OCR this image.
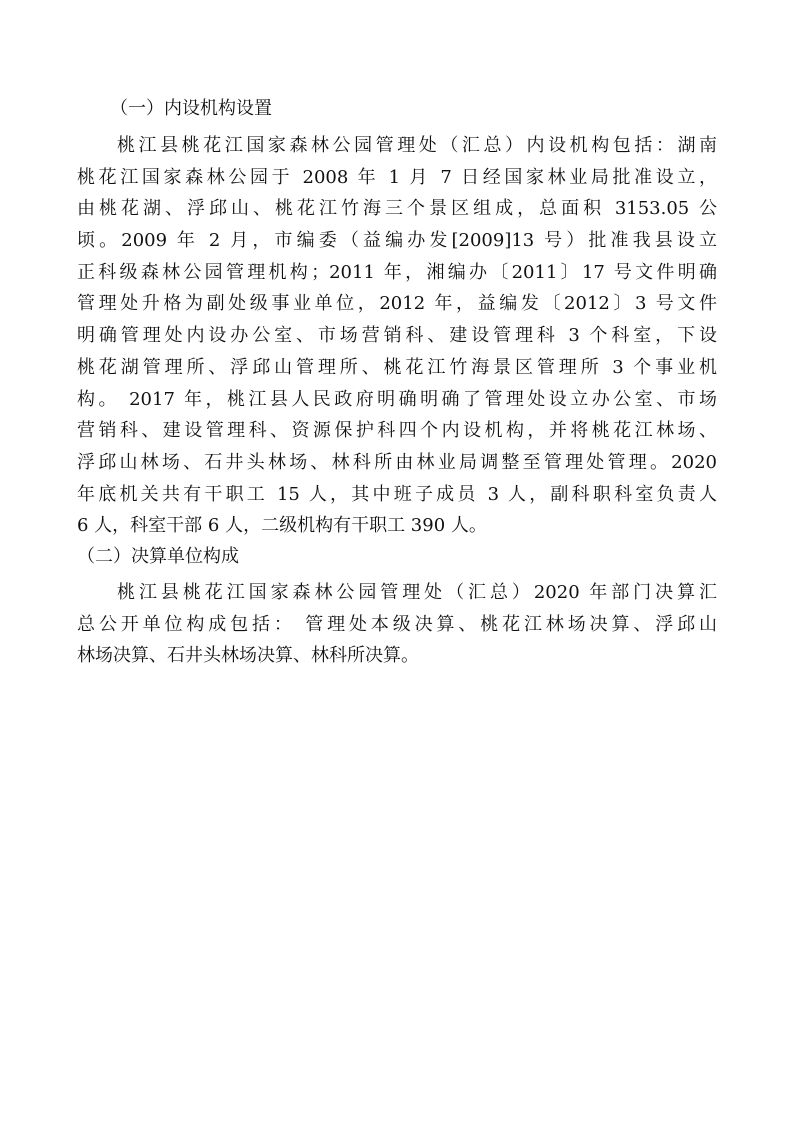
（一）内设机构设置
桃江县桃花江国家森林公园管理处（汇总）内设机构包括：湖南
桃花江国家森林公园于 2008 年 1 月 7 日经国家林业局批准设立，
由桃花湖、浮邱山、桃花江竹海三个景区组成，总面积 3153.05 公
顷。2009 年 2 月，市编委（益编办发[2009]13 号）批准我县设立
正科级森林公园管理机构；2011 年，湘编办〔2011〕17 号文件明确
管理处升格为副处级事业单位，2012 年，益编发〔2012〕3 号文件
明确管理处内设办公室、市场营销科、建设管理科 3 个科室，下设
桃花湖管理所、浮邱山管理所、桃花江竹海景区管理所 3 个事业机
构。 2017 年，桃江县人民政府明确明确了管理处设立办公室、市场
营销科、建设管理科、资源保护科四个内设机构，并将桃花江林场、
浮邱山林场、石井头林场、林科所由林业局调整至管理处管理。2020
年底机关共有干职工 15 人，其中班子成员 3 人，副科职科室负责人
6 人，科室干部 6 人，二级机构有干职工 390 人。
（二）决算单位构成
桃江县桃花江国家森林公园管理处（汇总）2020 年部门决算汇
总公开单位构成包括： 管理处本级决算、桃花江林场决算、浮邱山
林场决算、石井头林场决算、林科所决算。
